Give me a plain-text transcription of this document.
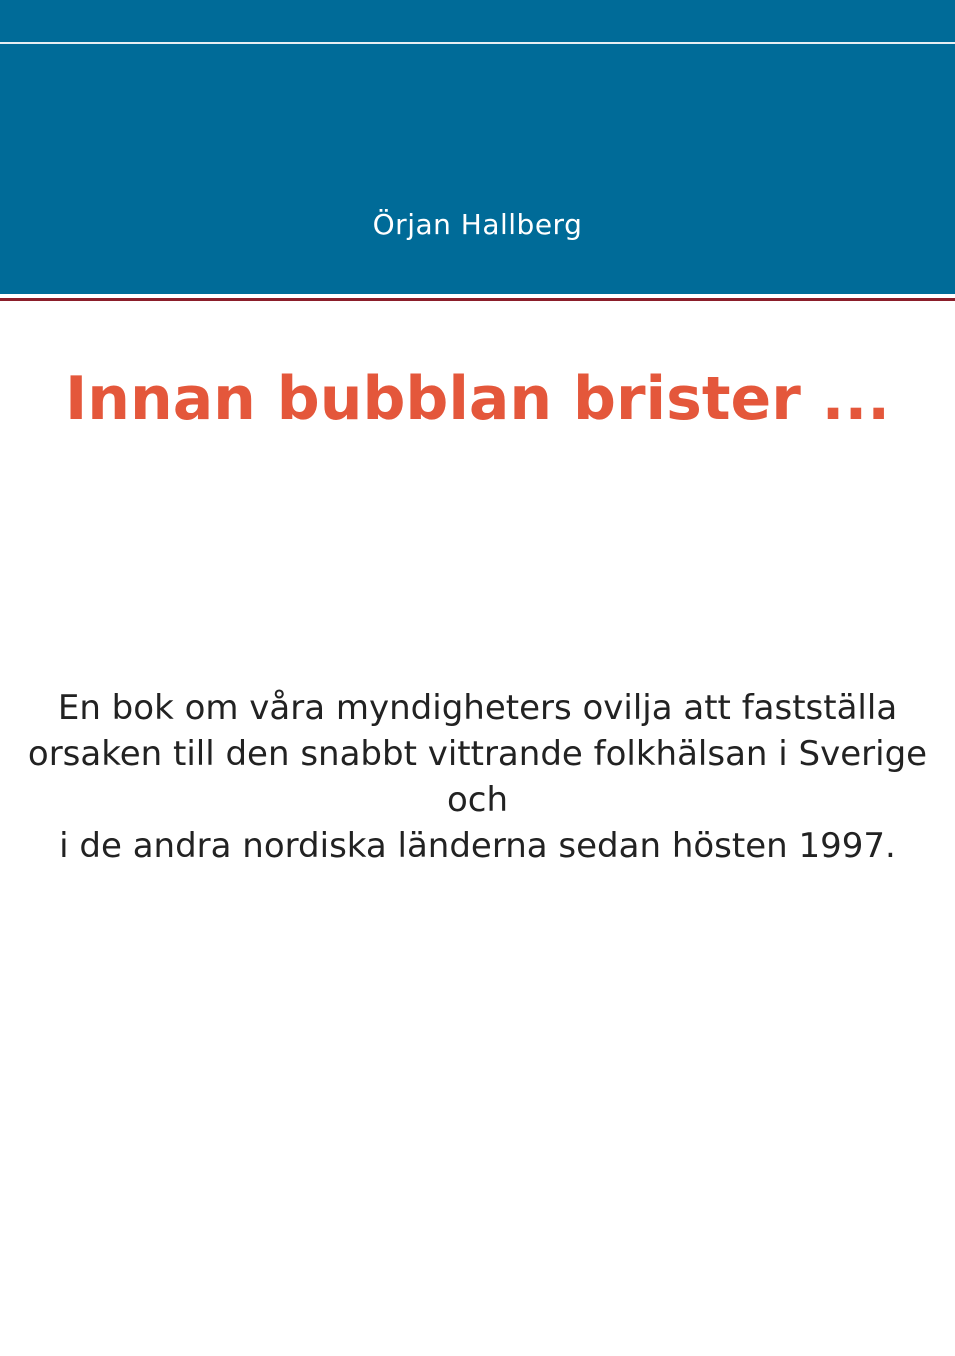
Örjan Hallberg
Innan bubblan brister ...
En bok om våra myndigheters ovilja att fastställa
orsaken till den snabbt vittrande folkhälsan i Sverige och
i de andra nordiska länderna sedan hösten 1997.
